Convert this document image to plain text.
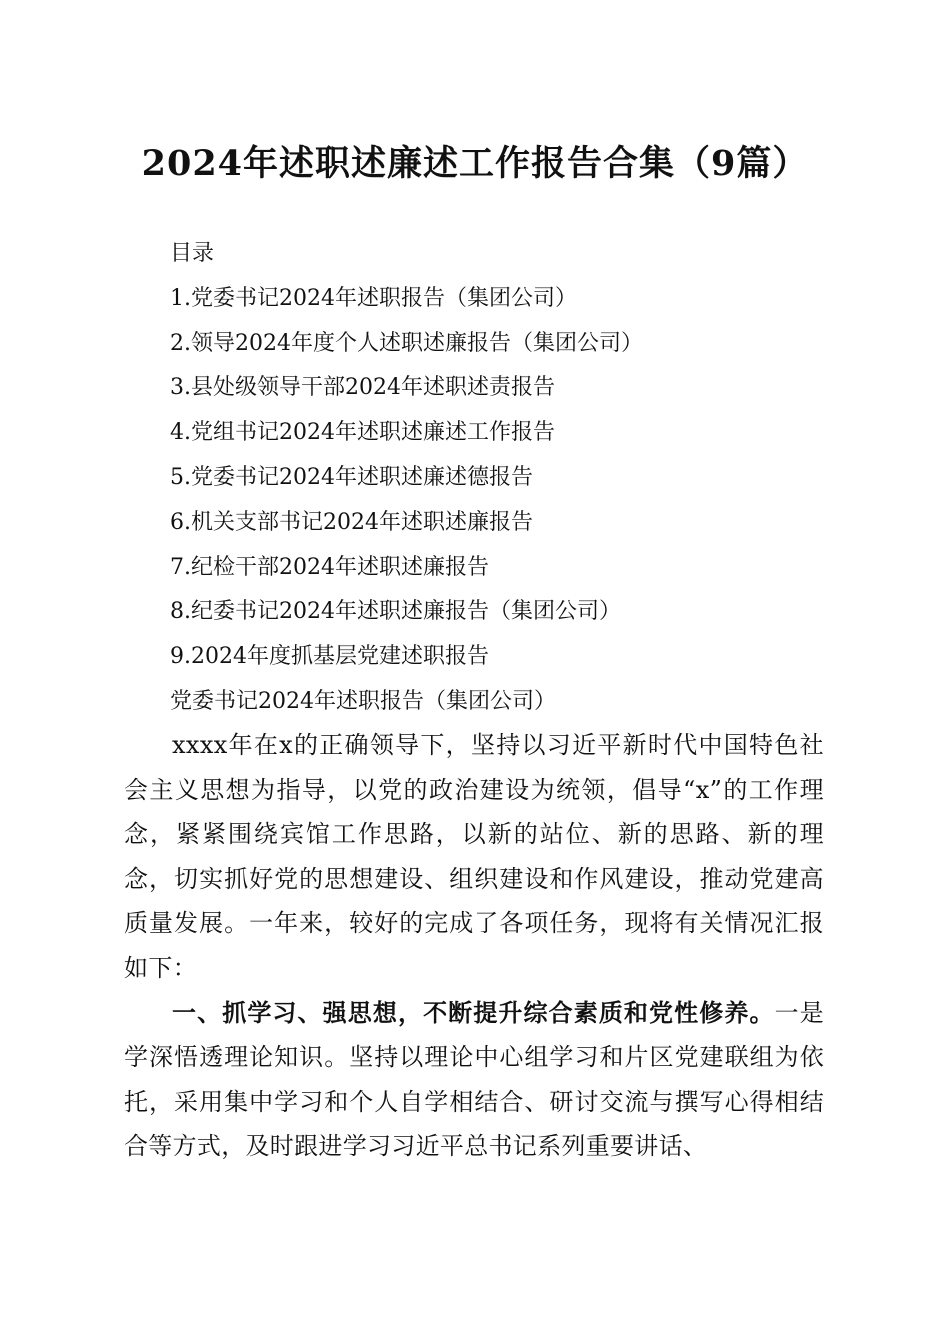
2024年述职述廉述工作报告合集（9篇）

目录

1.党委书记2024年述职报告（集团公司）

2.领导2024年度个人述职述廉报告（集团公司）

3.县处级领导干部2024年述职述责报告

4.党组书记2024年述职述廉述工作报告

5.党委书记2024年述职述廉述德报告

6.机关支部书记2024年述职述廉报告

7.纪检干部2024年述职述廉报告

8.纪委书记2024年述职述廉报告（集团公司）

9.2024年度抓基层党建述职报告

党委书记2024年述职报告（集团公司）

xxxx年在x的正确领导下，坚持以习近平新时代中国特色社会主义思想为指导，以党的政治建设为统领，倡导“x”的工作理念，紧紧围绕宾馆工作思路，以新的站位、新的思路、新的理念，切实抓好党的思想建设、组织建设和作风建设，推动党建高质量发展。一年来，较好的完成了各项任务，现将有关情况汇报如下：

一、抓学习、强思想，不断提升综合素质和党性修养。一是学深悟透理论知识。坚持以理论中心组学习和片区党建联组为依托，采用集中学习和个人自学相结合、研讨交流与撰写心得相结合等方式，及时跟进学习习近平总书记系列重要讲话、
